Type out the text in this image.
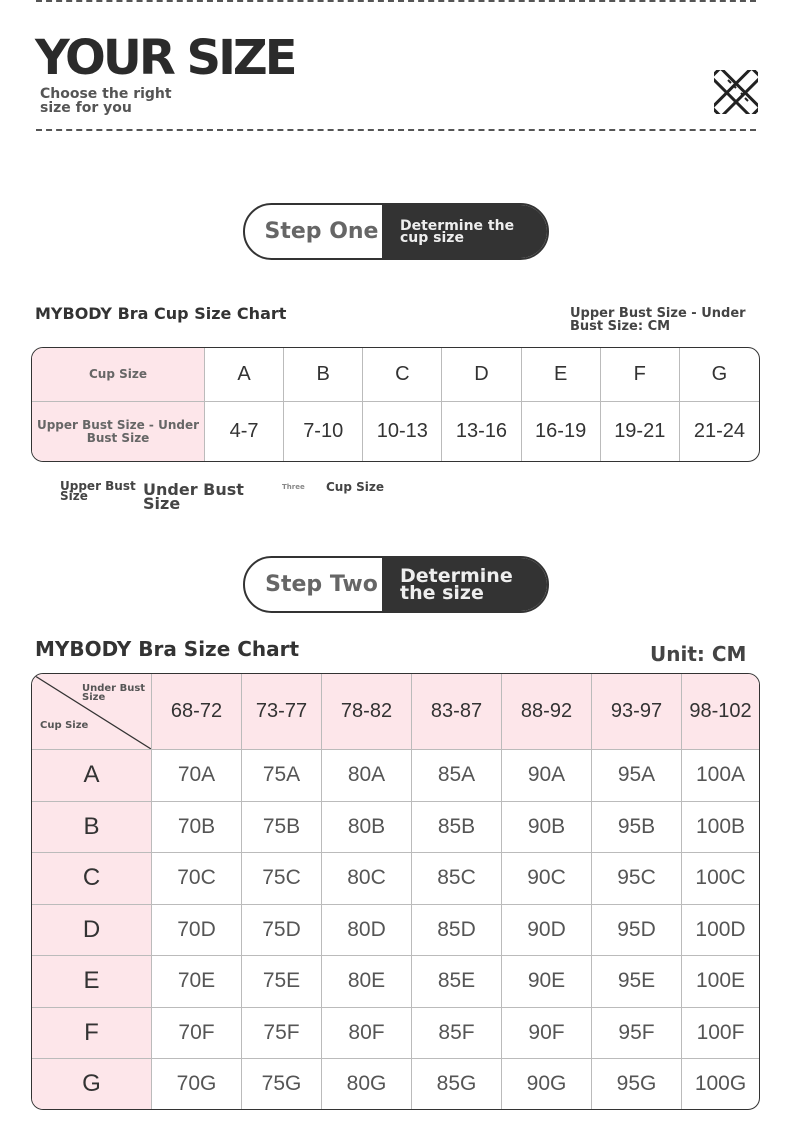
YOUR SIZE
Choose the right size for you
Step One	Determine the cup size
MYBODY Bra Cup Size Chart	Upper Bust Size - Under Bust Size: CM
Cup Size	A	B	C	D	E	F	G
Upper Bust Size - Under Bust Size	4-7	7-10	10-13	13-16	16-19	19-21	21-24
Upper Bust Size	Under Bust Size
Three Cup Size
Step Two	Determine the size
MYBODY Bra Size Chart	Unit: CM
Under Bust Size
Cup Size	68-72	73-77	78-82	83-87	88-92	93-97	98-102
A	70A	75A	80A	85A	90A	95A	100A
B	70B	75B	80B	85B	90B	95B	100B
C	70C	75C	80C	85C	90C	95C	100C
D	70D	75D	80D	85D	90D	95D	100D
E	70E	75E	80E	85E	90E	95E	100E
F	70F	75F	80F	85F	90F	95F	100F
G	70G	75G	80G	85G	90G	95G	100G
